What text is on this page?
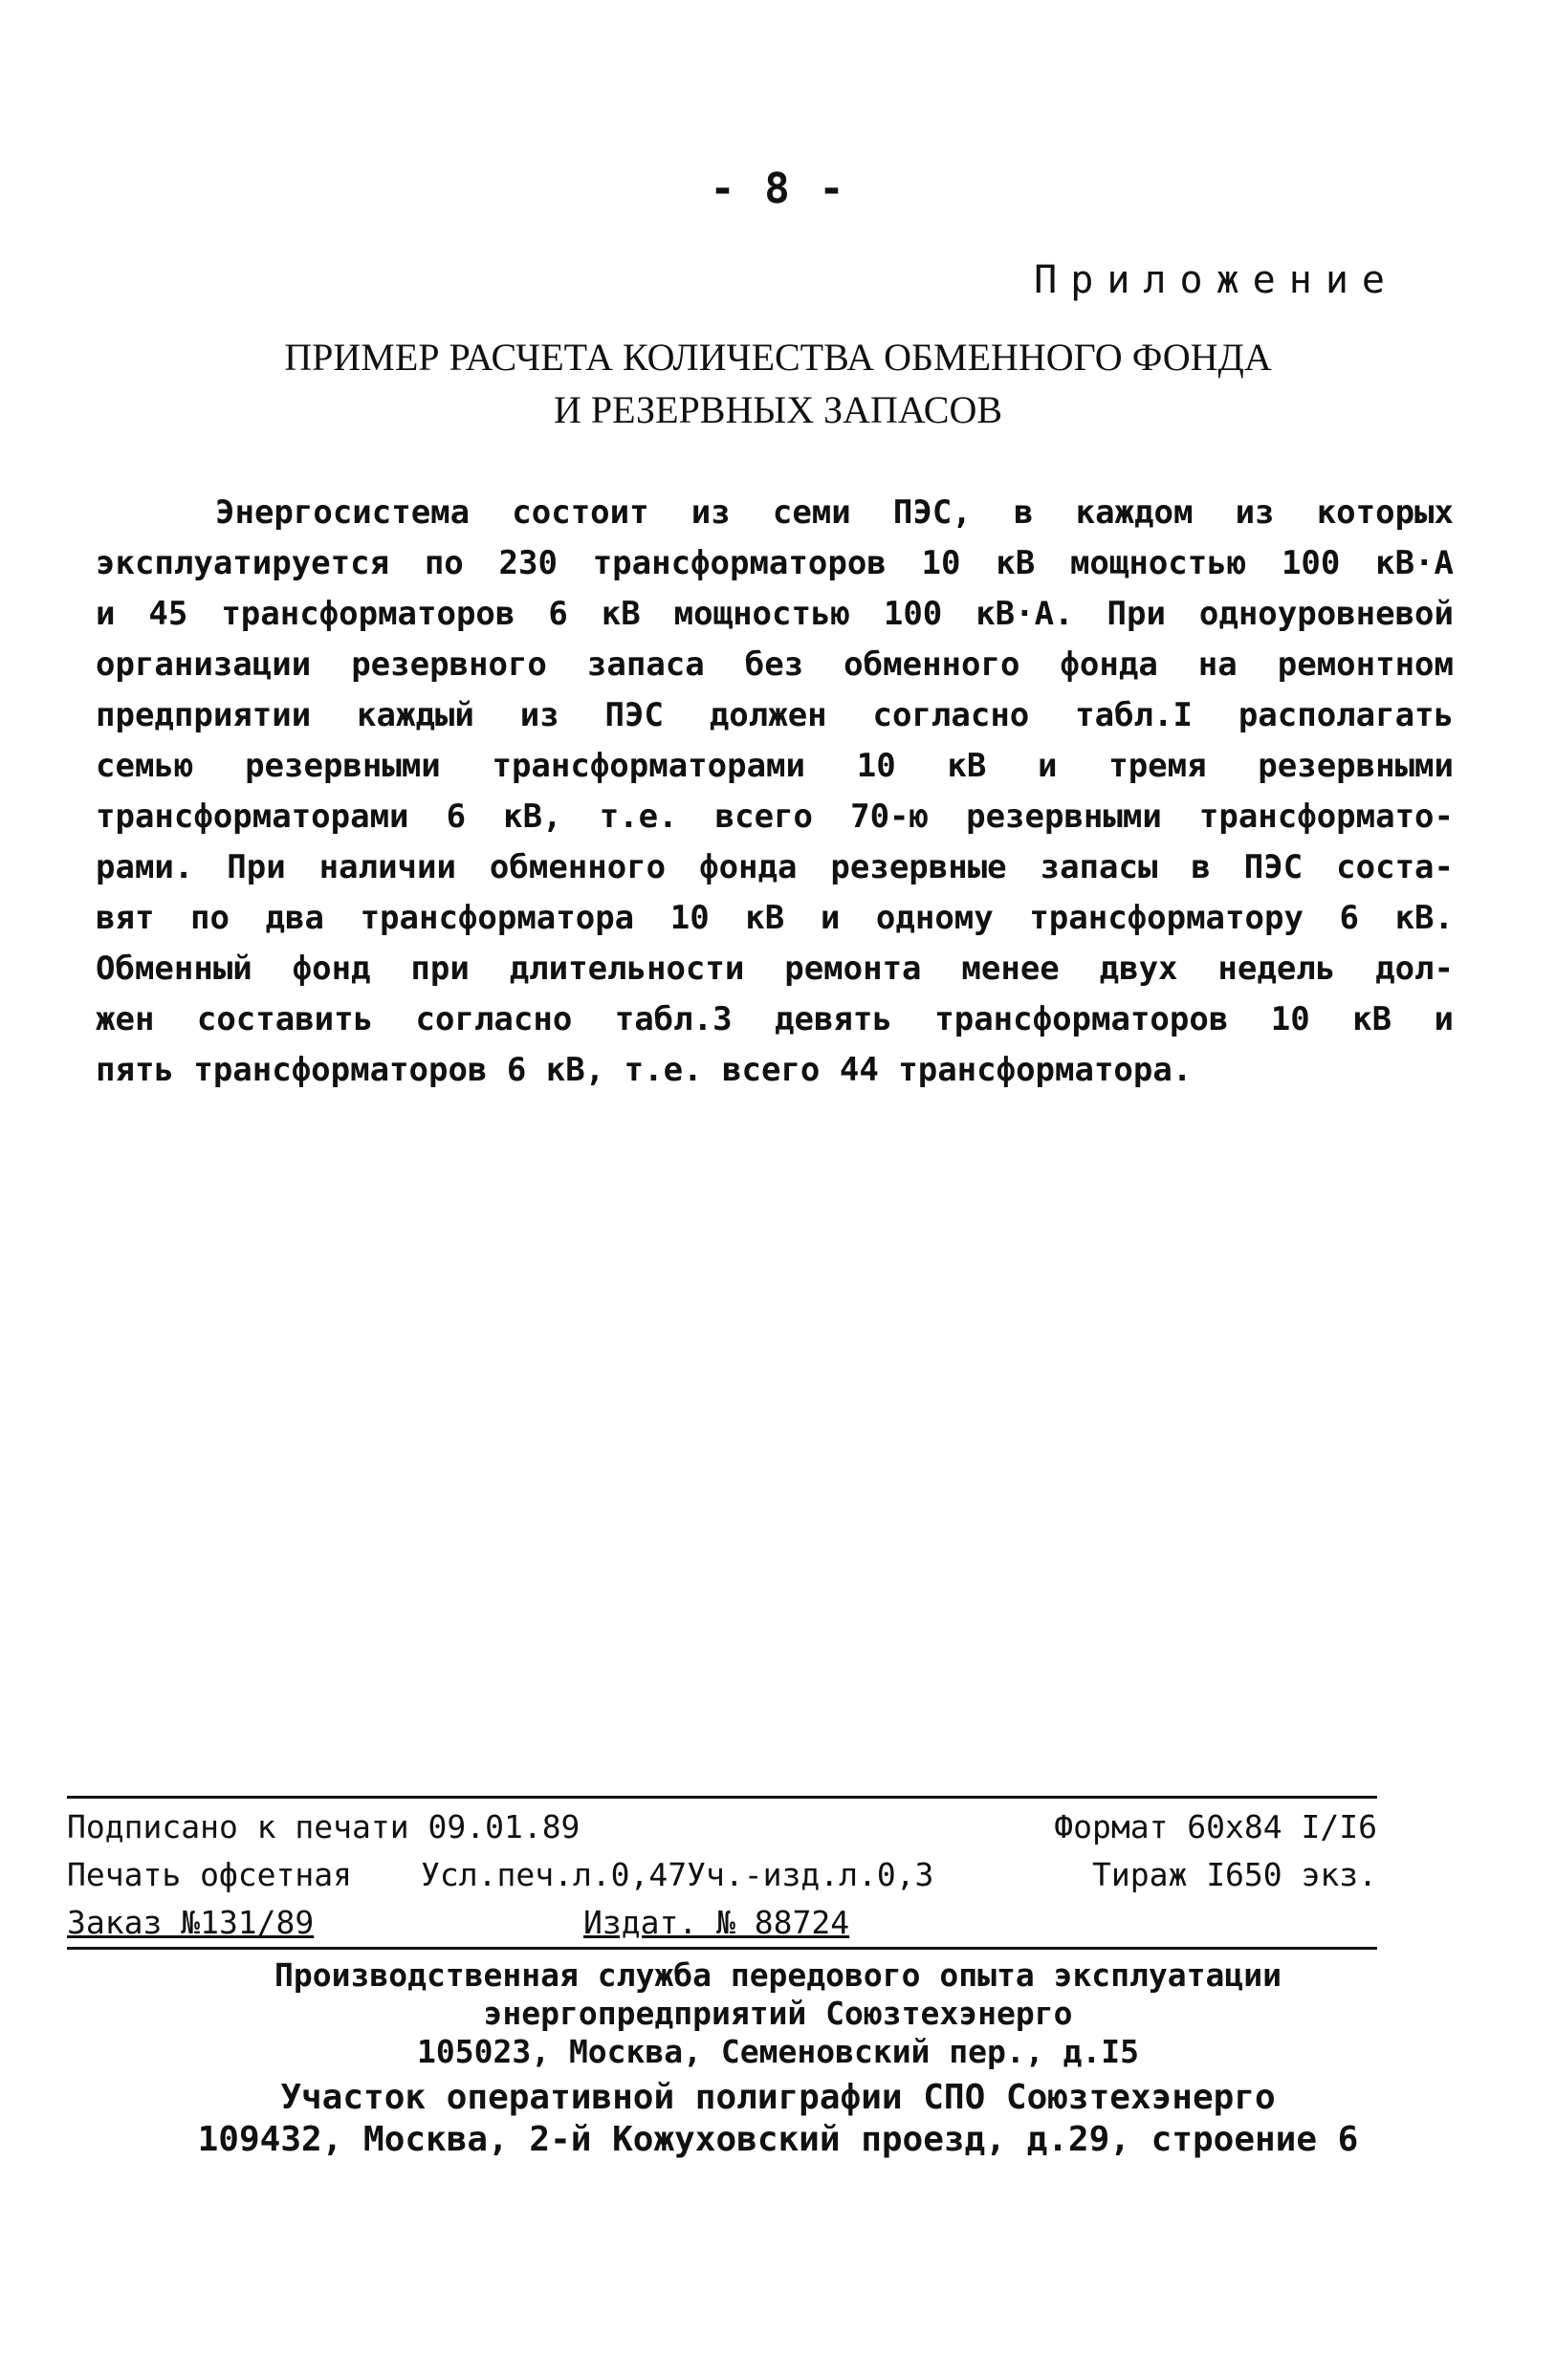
- 8 -
Приложение
ПРИМЕР РАСЧЕТА КОЛИЧЕСТВА ОБМЕННОГО ФОНДА
И РЕЗЕРВНЫХ ЗАПАСОВ
Энергосистема состоит из семи ПЭС, в каждом из которых
эксплуатируется по 230 трансформаторов 10 кВ мощностью 100 кВ·А
и 45 трансформаторов 6 кВ мощностью 100 кВ·А. При одноуровневой
организации резервного запаса без обменного фонда на ремонтном
предприятии каждый из ПЭС должен согласно табл.I располагать
семью резервными трансформаторами 10 кВ и тремя резервными
трансформаторами 6 кВ, т.е. всего 70-ю резервными трансформато-
рами. При наличии обменного фонда резервные запасы в ПЭС соста-
вят по два трансформатора 10 кВ и одному трансформатору 6 кВ.
Обменный фонд при длительности ремонта менее двух недель дол-
жен составить согласно табл.3 девять трансформаторов 10 кВ и
пять трансформаторов 6 кВ, т.е. всего 44 трансформатора.
Подписано к печати 09.01.89	Формат 60х84 I/I6
Печать офсетная Усл.печ.л.0,47Уч.-изд.л.0,3	Тираж I650 экз.
Заказ №131/89	Издат. № 88724
Производственная служба передового опыта эксплуатации
энергопредприятий Союзтехэнерго
105023, Москва, Семеновский пер., д.I5
Участок оперативной полиграфии СПО Союзтехэнерго
109432, Москва, 2-й Кожуховский проезд, д.29, строение 6
